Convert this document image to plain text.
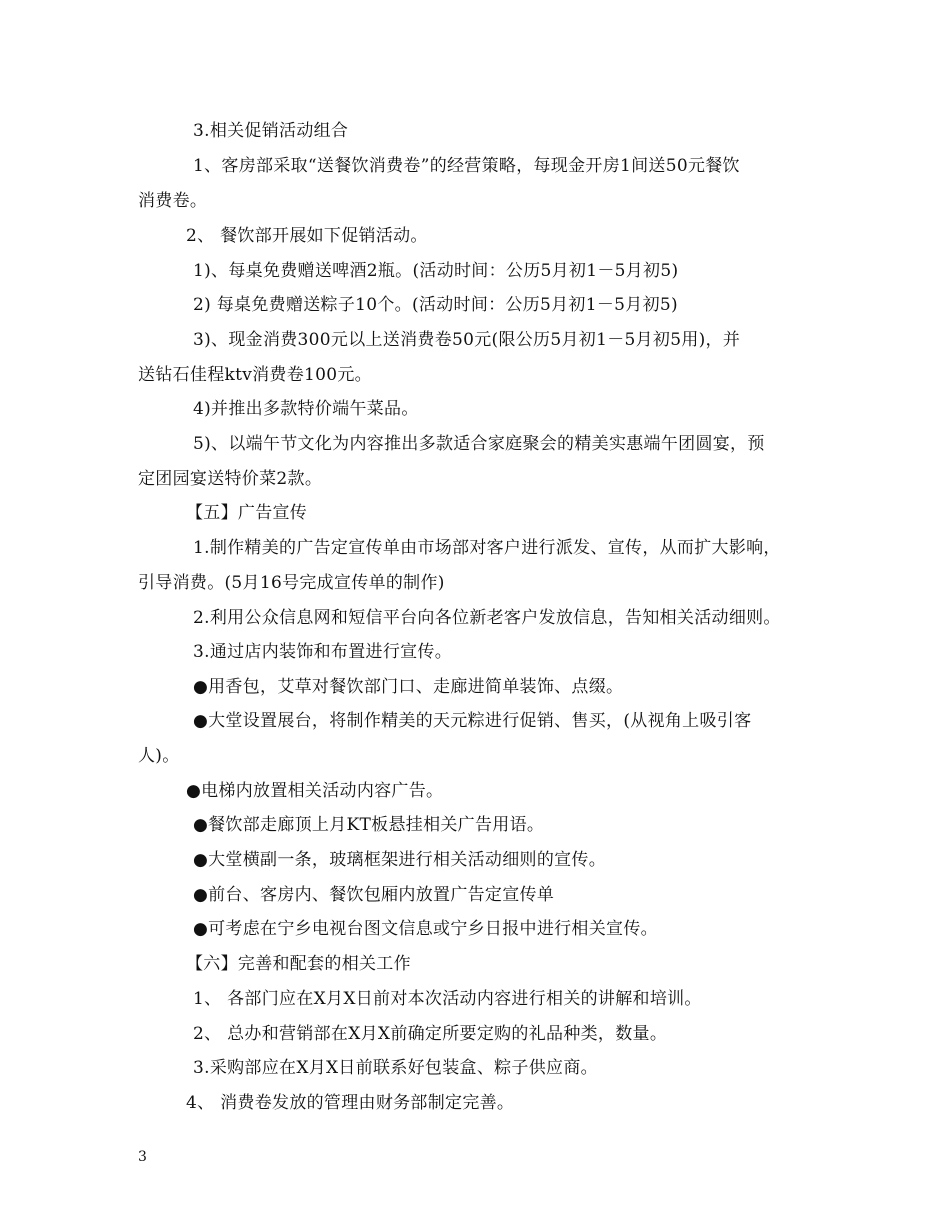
3.相关促销活动组合
1、客房部采取“送餐饮消费卷”的经营策略，每现金开房1间送50元餐饮
消费卷。
2、 餐饮部开展如下促销活动。
1)、每桌免费赠送啤酒2瓶。(活动时间：公历5月初1－5月初5)
2) 每桌免费赠送粽子10个。(活动时间：公历5月初1－5月初5)
3)、现金消费300元以上送消费卷50元(限公历5月初1－5月初5用)，并
送钻石佳程ktv消费卷100元。
4)并推出多款特价端午菜品。
5)、以端午节文化为内容推出多款适合家庭聚会的精美实惠端午团圆宴，预
定团园宴送特价菜2款。
【五】广告宣传
1.制作精美的广告定宣传单由市场部对客户进行派发、宣传，从而扩大影响，
引导消费。(5月16号完成宣传单的制作)
2.利用公众信息网和短信平台向各位新老客户发放信息，告知相关活动细则。
3.通过店内装饰和布置进行宣传。
●用香包，艾草对餐饮部门口、走廊进简单装饰、点缀。
●大堂设置展台，将制作精美的天元粽进行促销、售买，(从视角上吸引客
人)。
●电梯内放置相关活动内容广告。
●餐饮部走廊顶上月KT板悬挂相关广告用语。
●大堂横副一条，玻璃框架进行相关活动细则的宣传。
●前台、客房内、餐饮包厢内放置广告定宣传单
●可考虑在宁乡电视台图文信息或宁乡日报中进行相关宣传。
【六】完善和配套的相关工作
1、 各部门应在X月X日前对本次活动内容进行相关的讲解和培训。
2、 总办和营销部在X月X前确定所要定购的礼品种类，数量。
3.采购部应在X月X日前联系好包装盒、粽子供应商。
4、 消费卷发放的管理由财务部制定完善。
3
